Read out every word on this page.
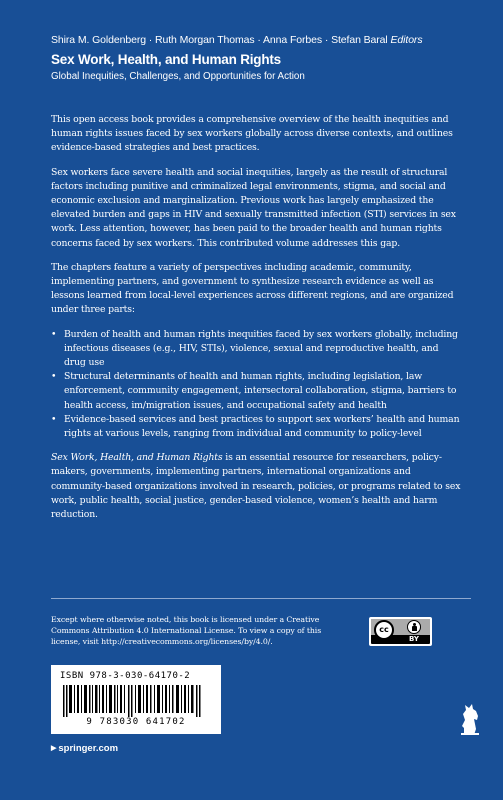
Shira M. Goldenberg · Ruth Morgan Thomas · Anna Forbes · Stefan Baral Editors
Sex Work, Health, and Human Rights
Global Inequities, Challenges, and Opportunities for Action

This open access book provides a comprehensive overview of the health inequities and human rights issues faced by sex workers globally across diverse contexts, and outlines evidence-based strategies and best practices.

Sex workers face severe health and social inequities, largely as the result of structural factors including punitive and criminalized legal environments, stigma, and social and economic exclusion and marginalization. Previous work has largely emphasized the elevated burden and gaps in HIV and sexually transmitted infection (STI) services in sex work. Less attention, however, has been paid to the broader health and human rights concerns faced by sex workers. This contributed volume addresses this gap.

The chapters feature a variety of perspectives including academic, community, implementing partners, and government to synthesize research evidence as well as lessons learned from local-level experiences across different regions, and are organized under three parts:

• Burden of health and human rights inequities faced by sex workers globally, including infectious diseases (e.g., HIV, STIs), violence, sexual and reproductive health, and drug use
• Structural determinants of health and human rights, including legislation, law enforcement, community engagement, intersectoral collaboration, stigma, barriers to health access, im/migration issues, and occupational safety and health
• Evidence-based services and best practices to support sex workers’ health and human rights at various levels, ranging from individual and community to policy-level

Sex Work, Health, and Human Rights is an essential resource for researchers, policy-makers, governments, implementing partners, international organizations and community-based organizations involved in research, policies, or programs related to sex work, public health, social justice, gender-based violence, women’s health and harm reduction.

Except where otherwise noted, this book is licensed under a Creative Commons Attribution 4.0 International License. To view a copy of this license, visit http://creativecommons.org/licenses/by/4.0/.
cc
BY
ISBN 978-3-030-64170-2
9 783030 641702
▶ springer.com
